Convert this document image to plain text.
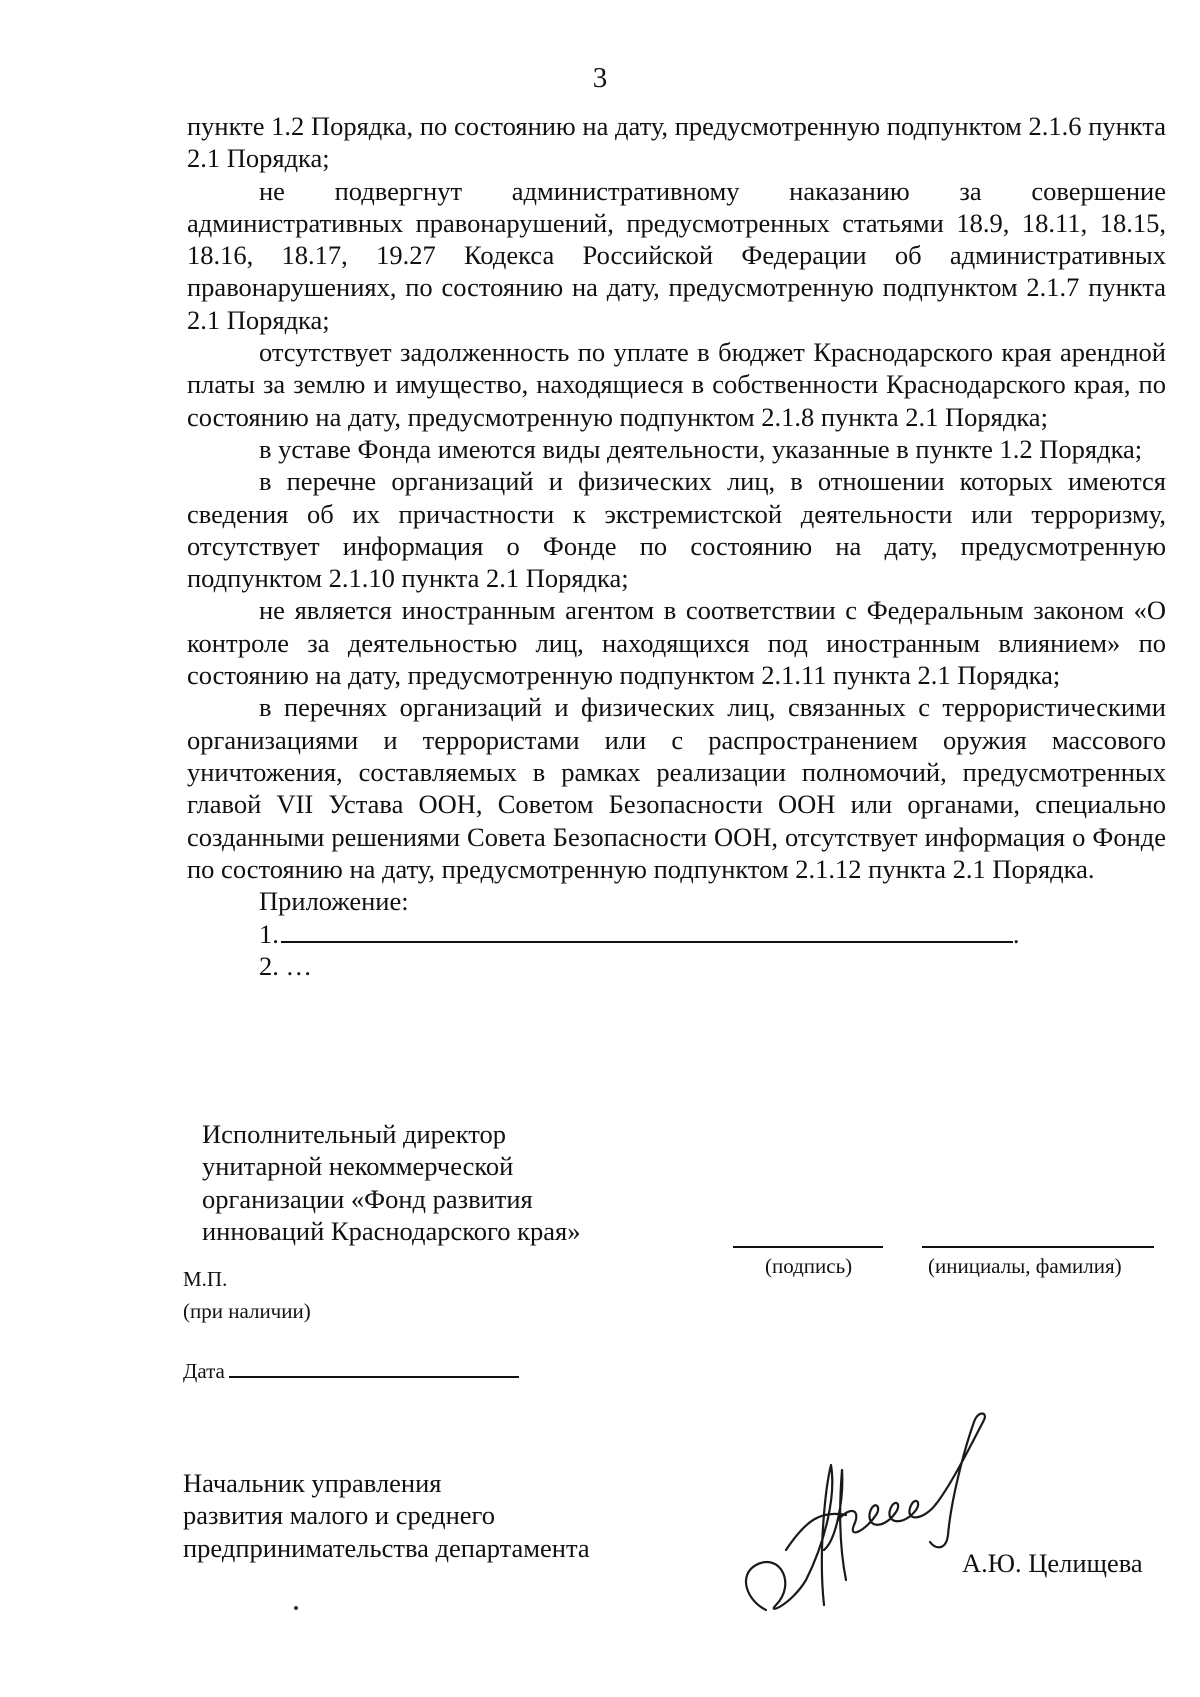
3

пункте 1.2 Порядка, по состоянию на дату, предусмотренную подпунктом 2.1.6 пункта 2.1 Порядка;

не подвергнут административному наказанию за совершение административных правонарушений, предусмотренных статьями 18.9, 18.11, 18.15, 18.16, 18.17, 19.27 Кодекса Российской Федерации об административных правонарушениях, по состоянию на дату, предусмотренную подпунктом 2.1.7 пункта 2.1 Порядка;

отсутствует задолженность по уплате в бюджет Краснодарского края арендной платы за землю и имущество, находящиеся в собственности Краснодарского края, по состоянию на дату, предусмотренную подпунктом 2.1.8 пункта 2.1 Порядка;

в уставе Фонда имеются виды деятельности, указанные в пункте 1.2 Порядка;

в перечне организаций и физических лиц, в отношении которых имеются сведения об их причастности к экстремистской деятельности или терроризму, отсутствует информация о Фонде по состоянию на дату, предусмотренную подпунктом 2.1.10 пункта 2.1 Порядка;

не является иностранным агентом в соответствии с Федеральным законом «О контроле за деятельностью лиц, находящихся под иностранным влиянием» по состоянию на дату, предусмотренную подпунктом 2.1.11 пункта 2.1 Порядка;

в перечнях организаций и физических лиц, связанных с террористическими организациями и террористами или с распространением оружия массового уничтожения, составляемых в рамках реализации полномочий, предусмотренных главой VII Устава ООН, Советом Безопасности ООН или органами, специально созданными решениями Совета Безопасности ООН, отсутствует информация о Фонде по состоянию на дату, предусмотренную подпунктом 2.1.12 пункта 2.1 Порядка.

Приложение:
1.	.
2. …
Исполнительный директор
унитарной некоммерческой
организации «Фонд развития
инноваций Краснодарского края»
(подпись)	(инициалы, фамилия)
М.П.
(при наличии)
Дата
Начальник управления
развития малого и среднего
предпринимательства департамента
А.Ю. Целищева
